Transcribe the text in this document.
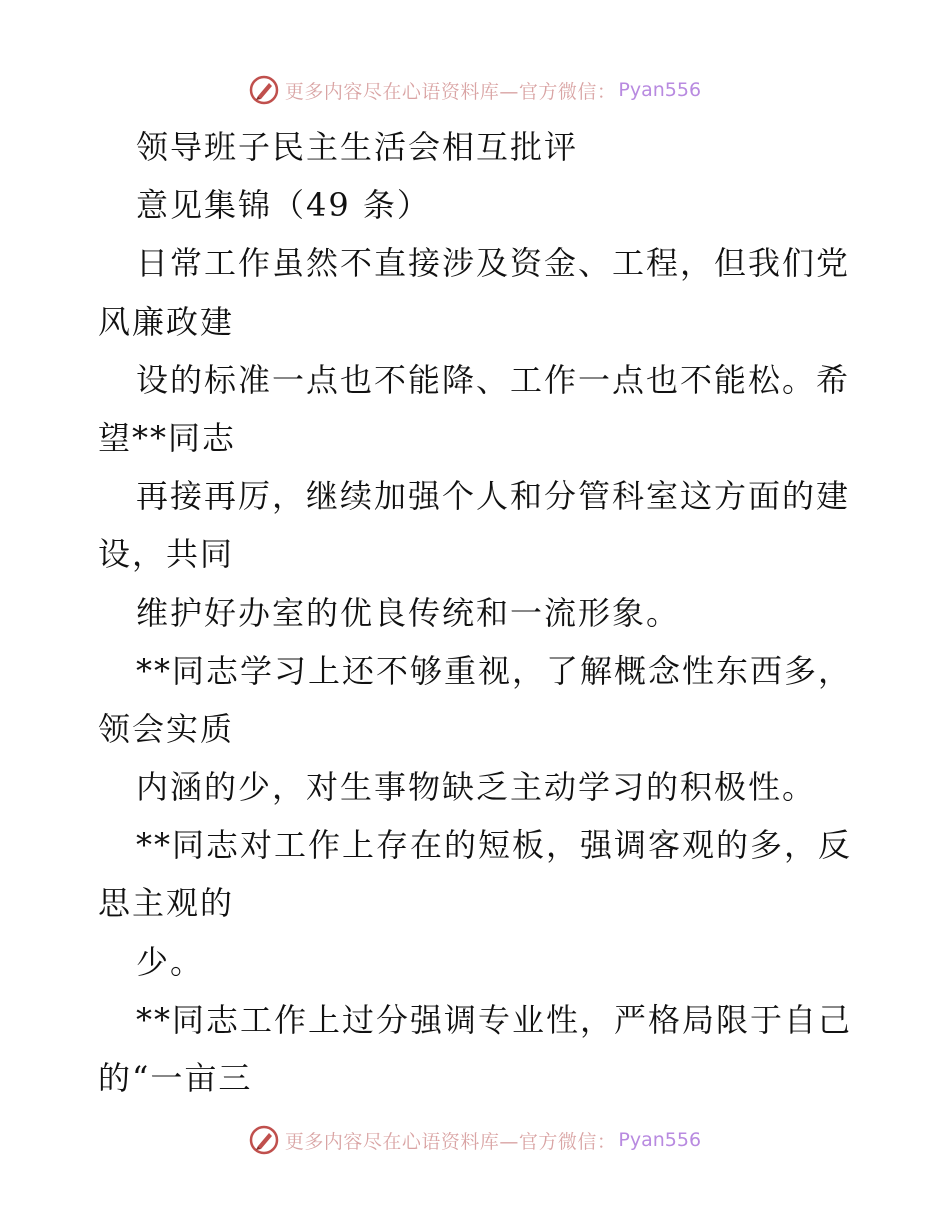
更多内容尽在心语资料库—官方微信： Pyan556
领导班子民主生活会相互批评
意见集锦（49 条）
日常工作虽然不直接涉及资金、工程，但我们党
风廉政建
设的标准一点也不能降、工作一点也不能松。希
望**同志
再接再厉，继续加强个人和分管科室这方面的建
设，共同
维护好办室的优良传统和一流形象。
**同志学习上还不够重视，了解概念性东西多，
领会实质
内涵的少，对生事物缺乏主动学习的积极性。
**同志对工作上存在的短板，强调客观的多，反
思主观的
少。
**同志工作上过分强调专业性，严格局限于自己
的“一亩三
更多内容尽在心语资料库—官方微信： Pyan556
